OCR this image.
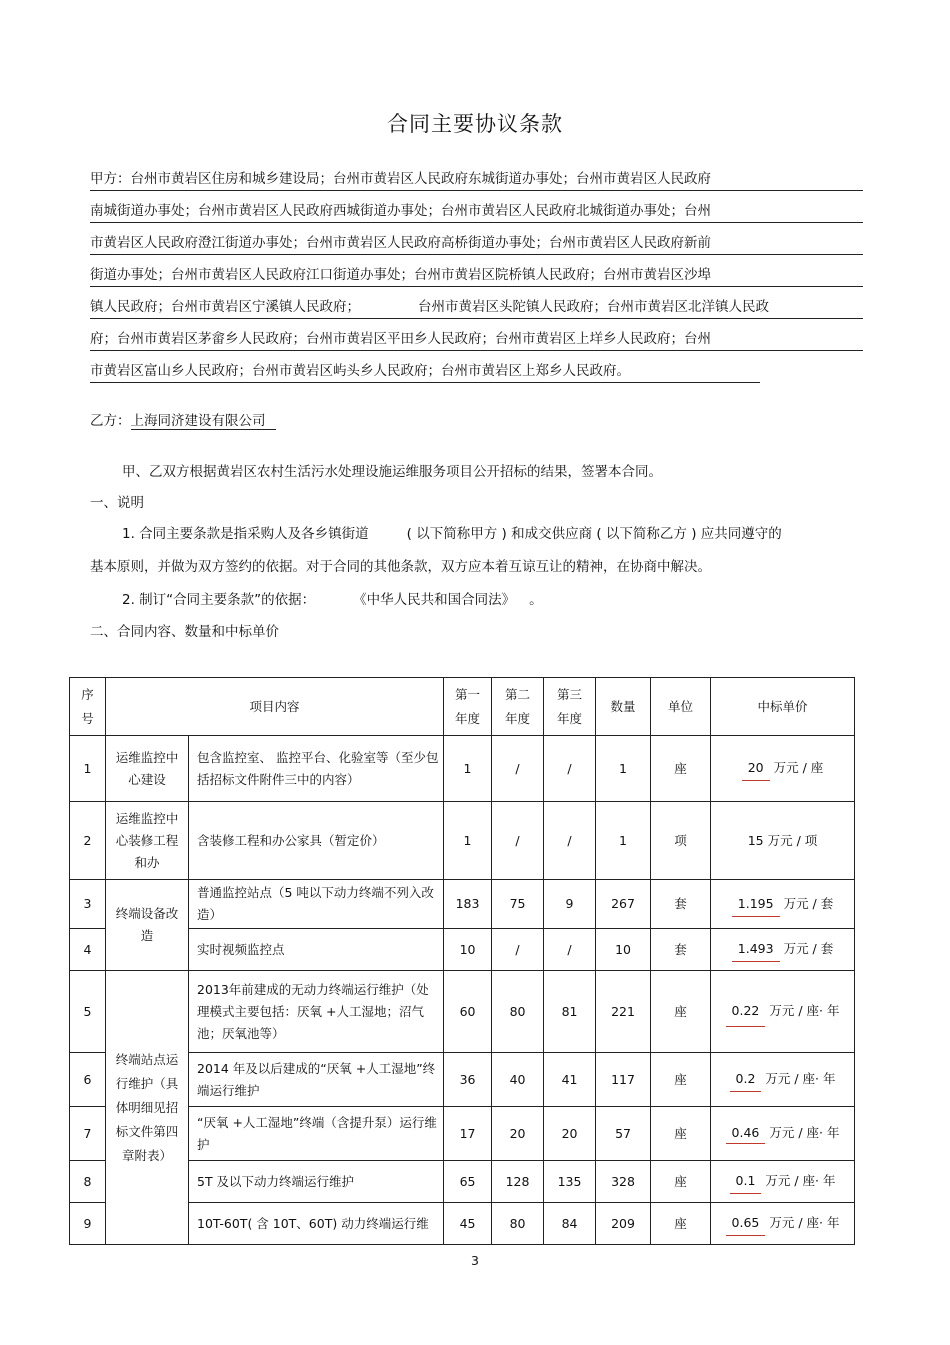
合同主要协议条款
甲方：台州市黄岩区住房和城乡建设局；台州市黄岩区人民政府东城街道办事处；台州市黄岩区人民政府
南城街道办事处；台州市黄岩区人民政府西城街道办事处；台州市黄岩区人民政府北城街道办事处；台州
市黄岩区人民政府澄江街道办事处；台州市黄岩区人民政府高桥街道办事处；台州市黄岩区人民政府新前
街道办事处；台州市黄岩区人民政府江口街道办事处；台州市黄岩区院桥镇人民政府；台州市黄岩区沙埠
镇人民政府；台州市黄岩区宁溪镇人民政府；	台州市黄岩区头陀镇人民政府；台州市黄岩区北洋镇人民政
府；台州市黄岩区茅畲乡人民政府；台州市黄岩区平田乡人民政府；台州市黄岩区上垟乡人民政府；台州
市黄岩区富山乡人民政府；台州市黄岩区屿头乡人民政府；台州市黄岩区上郑乡人民政府。
乙方：上海同济建设有限公司
甲、乙双方根据黄岩区农村生活污水处理设施运维服务项目公开招标的结果，签署本合同。
一、说明
1. 合同主要条款是指采购人及各乡镇街道	( 以下简称甲方 ) 和成交供应商 ( 以下简称乙方 ) 应共同遵守的
基本原则，并做为双方签约的依据。对于合同的其他条款，双方应本着互谅互让的精神，在协商中解决。
2. 制订“合同主要条款”的依据：	《中华人民共和国合同法》 。
二、合同内容、数量和中标单价
序
号	项目内容		第一
年度	第二
年度	第三
年度	数量	单位	中标单价
1	运维监控中心建设	包含监控室、 监控平台、化验室等（至少包括招标文件附件三中的内容）	1	/	/	1	座	20 万元 / 座
2	运维监控中心装修工程和办	含装修工程和办公家具（暂定价）	1	/	/	1	项	15 万元 / 项
3	终端设备改造	普通监控站点（5 吨以下动力终端不列入改造）	183	75	9	267	套	1.195 万元 / 套
4		实时视频监控点	10	/	/	10	套	1.493 万元 / 套
5	终端站点运行维护（具体明细见招标文件第四章附表）	2013年前建成的无动力终端运行维护（处理模式主要包括：厌氧 +人工湿地；沼气池；厌氧池等）	60	80	81	221	座	0.22 万元 / 座· 年
6		2014 年及以后建成的“厌氧 +人工湿地”终端运行维护	36	40	41	117	座	0.2 万元 / 座· 年
7		“厌氧 +人工湿地”终端（含提升泵）运行维护	17	20	20	57	座	0.46 万元 / 座· 年
8		5T 及以下动力终端运行维护	65	128	135	328	座	0.1 万元 / 座· 年
9		10T-60T( 含 10T、60T) 动力终端运行维	45	80	84	209	座	0.65 万元 / 座· 年
3
